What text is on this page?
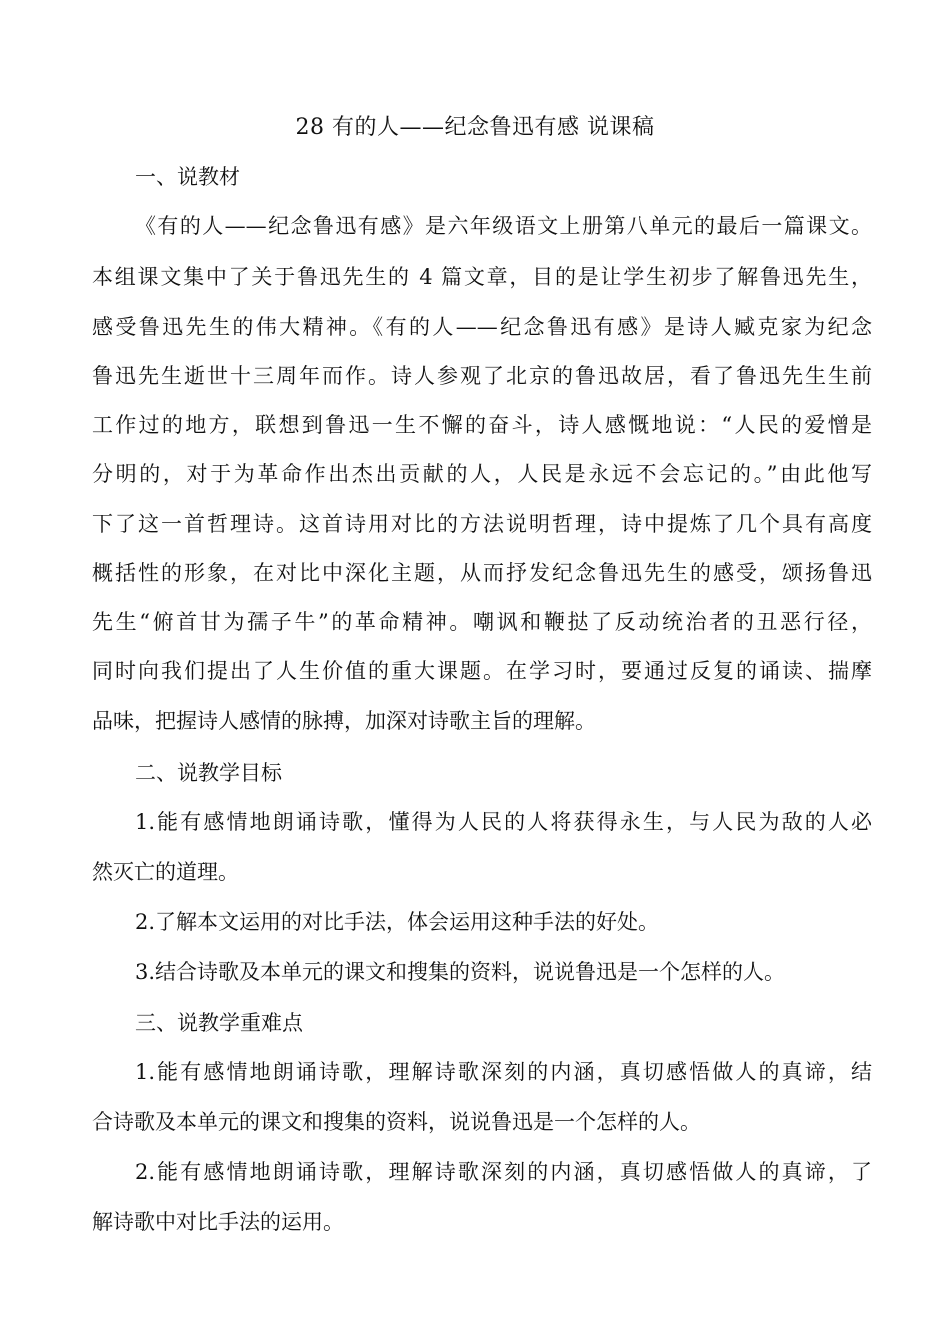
28 有的人——纪念鲁迅有感 说课稿
一、说教材
《有的人——纪念鲁迅有感》是六年级语文上册第八单元的最后一篇课文。
本组课文集中了关于鲁迅先生的 4 篇文章，目的是让学生初步了解鲁迅先生，
感受鲁迅先生的伟大精神。《有的人——纪念鲁迅有感》是诗人臧克家为纪念
鲁迅先生逝世十三周年而作。诗人参观了北京的鲁迅故居，看了鲁迅先生生前
工作过的地方，联想到鲁迅一生不懈的奋斗，诗人感慨地说：“人民的爱憎是
分明的，对于为革命作出杰出贡献的人，人民是永远不会忘记的。”由此他写
下了这一首哲理诗。这首诗用对比的方法说明哲理，诗中提炼了几个具有高度
概括性的形象，在对比中深化主题，从而抒发纪念鲁迅先生的感受，颂扬鲁迅
先生“俯首甘为孺子牛”的革命精神。嘲讽和鞭挞了反动统治者的丑恶行径，
同时向我们提出了人生价值的重大课题。在学习时，要通过反复的诵读、揣摩
品味，把握诗人感情的脉搏，加深对诗歌主旨的理解。
二、说教学目标
1.能有感情地朗诵诗歌，懂得为人民的人将获得永生，与人民为敌的人必
然灭亡的道理。
2.了解本文运用的对比手法，体会运用这种手法的好处。
3.结合诗歌及本单元的课文和搜集的资料，说说鲁迅是一个怎样的人。
三、说教学重难点
1.能有感情地朗诵诗歌，理解诗歌深刻的内涵，真切感悟做人的真谛，结
合诗歌及本单元的课文和搜集的资料，说说鲁迅是一个怎样的人。
2.能有感情地朗诵诗歌，理解诗歌深刻的内涵，真切感悟做人的真谛，了
解诗歌中对比手法的运用。
